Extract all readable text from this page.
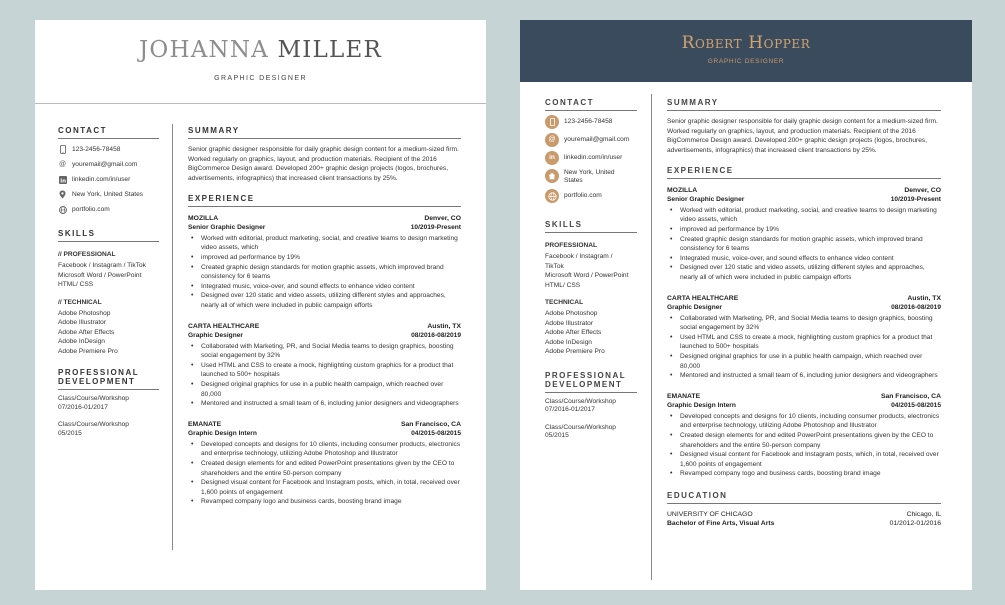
JOHANNA MILLER
GRAPHIC DESIGNER
CONTACT
123-2456-78458
@ youremail@gmail.com
in linkedin.com/in/user
New York, United States
portfolio.com
SKILLS
// PROFESSIONAL
Facebook / Instagram / TikTok
Microsoft Word / PowerPoint
HTML/ CSS
// TECHNICAL
Adobe Photoshop
Adobe Illustrator
Adobe After Effects
Adobe InDesign
Adobe Premiere Pro
PROFESSIONAL
DEVELOPMENT
Class/Course/Workshop
07/2016-01/2017
Class/Course/Workshop
05/2015
SUMMARY
Senior graphic designer responsible for daily graphic design content for a medium-sized firm. Worked regularly on graphics, layout, and production materials. Recipient of the 2016 BigCommerce Design award. Developed 200+ graphic design projects (logos, brochures, advertisements, infographics) that increased client transactions by 25%.
EXPERIENCE
MOZILLA	Denver, CO
Senior Graphic Designer	10/2019-Present
• Worked with editorial, product marketing, social, and creative teams to design marketing video assets, which
• improved ad performance by 19%
• Created graphic design standards for motion graphic assets, which improved brand consistency for 6 teams
• Integrated music, voice-over, and sound effects to enhance video content
• Designed over 120 static and video assets, utilizing different styles and approaches, nearly all of which were included in public campaign efforts
CARTA HEALTHCARE	Austin, TX
Graphic Designer	08/2016-08/2019
• Collaborated with Marketing, PR, and Social Media teams to design graphics, boosting social engagement by 32%
• Used HTML and CSS to create a mock, highlighting custom graphics for a product that launched to 500+ hospitals
• Designed original graphics for use in a public health campaign, which reached over 80,000
• Mentored and instructed a small team of 6, including junior designers and videographers
EMANATE	San Francisco, CA
Graphic Design Intern	04/2015-08/2015
• Developed concepts and designs for 10 clients, including consumer products, electronics and enterprise technology, utilizing Adobe Photoshop and Illustrator
• Created design elements for and edited PowerPoint presentations given by the CEO to shareholders and the entire 50-person company
• Designed visual content for Facebook and Instagram posts, which, in total, received over 1,600 points of engagement
• Revamped company logo and business cards, boosting brand image
Robert Hopper
GRAPHIC DESIGNER
CONTACT
123-2456-78458
@	youremail@gmail.com
in	linkedin.com/in/user
New York, United
States
portfolio.com
SKILLS
PROFESSIONAL
Facebook / Instagram /
TikTok
Microsoft Word / PowerPoint
HTML/ CSS
TECHNICAL
Adobe Photoshop
Adobe Illustrator
Adobe After Effects
Adobe InDesign
Adobe Premiere Pro
PROFESSIONAL
DEVELOPMENT
Class/Course/Workshop
07/2016-01/2017
Class/Course/Workshop
05/2015
SUMMARY
Senior graphic designer responsible for daily graphic design content for a medium-sized firm. Worked regularly on graphics, layout, and production materials. Recipient of the 2016 BigCommerce Design award. Developed 200+ graphic design projects (logos, brochures, advertisements, infographics) that increased client transactions by 25%.
EXPERIENCE
MOZILLA	Denver, CO
Senior Graphic Designer	10/2019-Present
• Worked with editorial, product marketing, social, and creative teams to design marketing video assets, which
• improved ad performance by 19%
• Created graphic design standards for motion graphic assets, which improved brand consistency for 6 teams
• Integrated music, voice-over, and sound effects to enhance video content
• Designed over 120 static and video assets, utilizing different styles and approaches, nearly all of which were included in public campaign efforts
CARTA HEALTHCARE	Austin, TX
Graphic Designer	08/2016-08/2019
• Collaborated with Marketing, PR, and Social Media teams to design graphics, boosting social engagement by 32%
• Used HTML and CSS to create a mock, highlighting custom graphics for a product that launched to 500+ hospitals
• Designed original graphics for use in a public health campaign, which reached over 80,000
• Mentored and instructed a small team of 6, including junior designers and videographers
EMANATE	San Francisco, CA
Graphic Design Intern	04/2015-08/2015
• Developed concepts and designs for 10 clients, including consumer products, electronics and enterprise technology, utilizing Adobe Photoshop and Illustrator
• Created design elements for and edited PowerPoint presentations given by the CEO to shareholders and the entire 50-person company
• Designed visual content for Facebook and Instagram posts, which, in total, received over 1,600 points of engagement
• Revamped company logo and business cards, boosting brand image
EDUCATION
UNIVERSITY OF CHICAGO	Chicago, IL
Bachelor of Fine Arts, Visual Arts	01/2012-01/2016
